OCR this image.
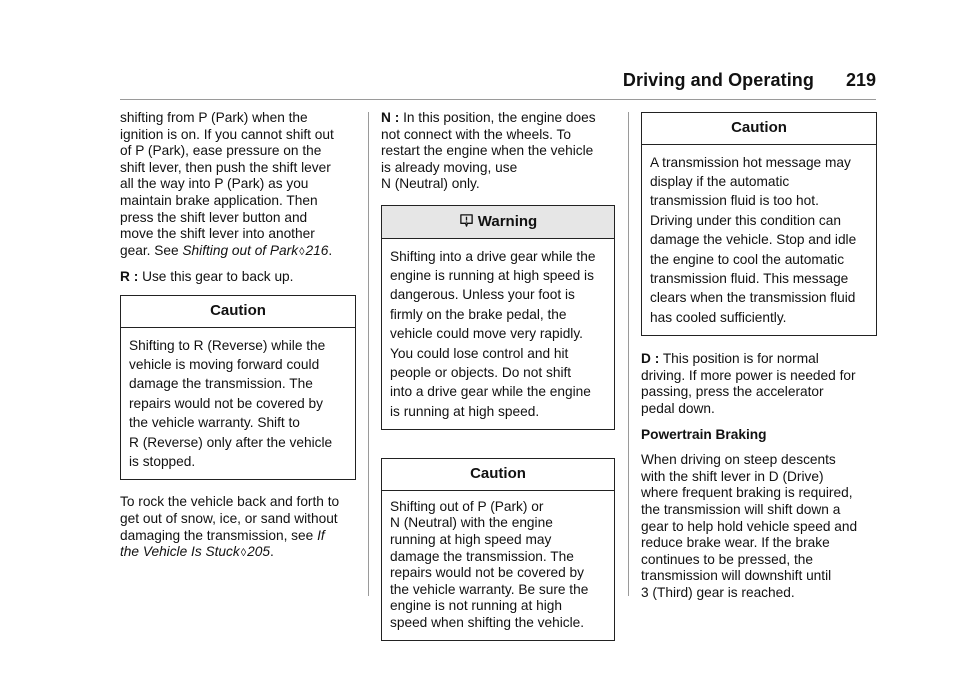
Driving and Operating	219

shifting from P (Park) when the
ignition is on. If you cannot shift out
of P (Park), ease pressure on the
shift lever, then push the shift lever
all the way into P (Park) as you
maintain brake application. Then
press the shift lever button and
move the shift lever into another
gear. See Shifting out of Park◊216.

R : Use this gear to back up.

Caution
Shifting to R (Reverse) while the
vehicle is moving forward could
damage the transmission. The
repairs would not be covered by
the vehicle warranty. Shift to
R (Reverse) only after the vehicle
is stopped.

To rock the vehicle back and forth to
get out of snow, ice, or sand without
damaging the transmission, see If
the Vehicle Is Stuck◊205.

N : In this position, the engine does
not connect with the wheels. To
restart the engine when the vehicle
is already moving, use
N (Neutral) only.

Warning
Shifting into a drive gear while the
engine is running at high speed is
dangerous. Unless your foot is
firmly on the brake pedal, the
vehicle could move very rapidly.
You could lose control and hit
people or objects. Do not shift
into a drive gear while the engine
is running at high speed.
Caution
Shifting out of P (Park) or
N (Neutral) with the engine
running at high speed may
damage the transmission. The
repairs would not be covered by
the vehicle warranty. Be sure the
engine is not running at high
speed when shifting the vehicle.
Caution
A transmission hot message may
display if the automatic
transmission fluid is too hot.
Driving under this condition can
damage the vehicle. Stop and idle
the engine to cool the automatic
transmission fluid. This message
clears when the transmission fluid
has cooled sufficiently.

D : This position is for normal
driving. If more power is needed for
passing, press the accelerator
pedal down.

Powertrain Braking

When driving on steep descents
with the shift lever in D (Drive)
where frequent braking is required,
the transmission will shift down a
gear to help hold vehicle speed and
reduce brake wear. If the brake
continues to be pressed, the
transmission will downshift until
3 (Third) gear is reached.
